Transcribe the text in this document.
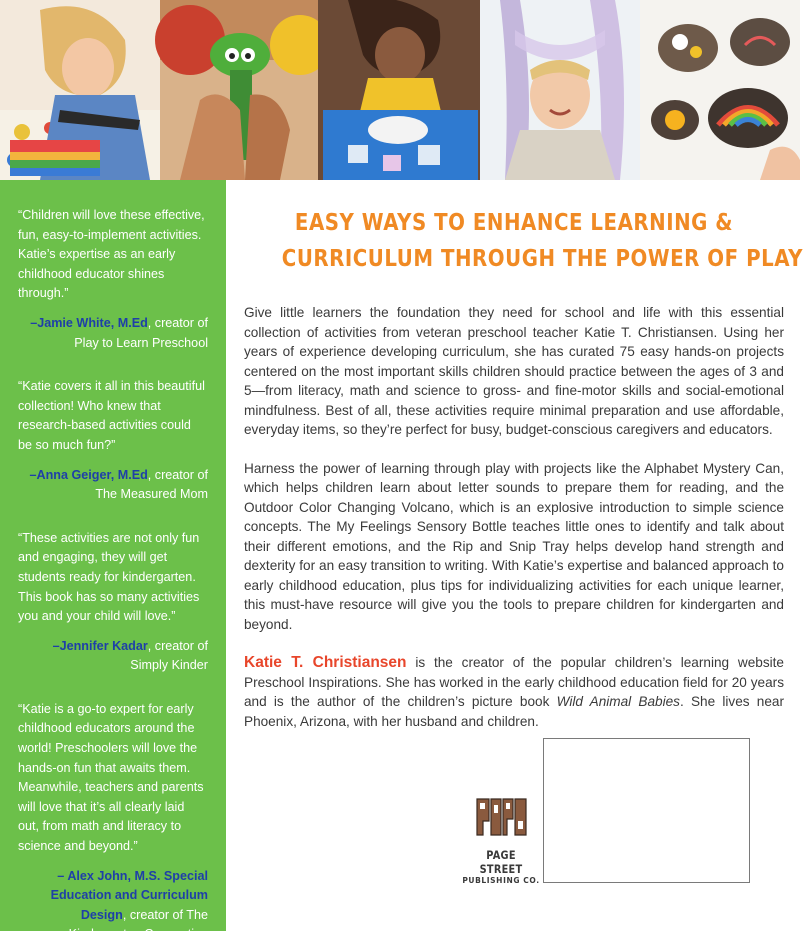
“Children will love these effective, fun, easy-to-implement activities. Katie’s expertise as an early childhood educator shines through.”

–Jamie White, M.Ed, creator of Play to Learn Preschool

“Katie covers it all in this beautiful collection! Who knew that research-based activities could be so much fun?”

–Anna Geiger, M.Ed, creator of The Measured Mom

“These activities are not only fun and engaging, they will get students ready for kindergarten. This book has so many activities you and your child will love.”

–Jennifer Kadar, creator of Simply Kinder

“Katie is a go-to expert for early childhood educators around the world! Preschoolers will love the hands-on fun that awaits them. Meanwhile, teachers and parents will love that it’s all clearly laid out, from math and literacy to science and beyond.”

– Alex John, M.S. Special Education and Curriculum Design, creator of The Kindergarten Connection

EASY WAYS TO ENHANCE LEARNING &
CURRICULUM THROUGH THE POWER OF PLAY

Give little learners the foundation they need for school and life with this essential collection of activities from veteran preschool teacher Katie T. Christiansen. Using her years of experience developing curriculum, she has curated 75 easy hands-on projects centered on the most important skills children should practice between the ages of 3 and 5—from literacy, math and science to gross- and fine-motor skills and social-emotional mindfulness. Best of all, these activities require minimal preparation and use affordable, everyday items, so they’re perfect for busy, budget-conscious caregivers and educators.

Harness the power of learning through play with projects like the Alphabet Mystery Can, which helps children learn about letter sounds to prepare them for reading, and the Outdoor Color Changing Volcano, which is an explosive introduction to simple science concepts. The My Feelings Sensory Bottle teaches little ones to identify and talk about their different emotions, and the Rip and Snip Tray helps develop hand strength and dexterity for an easy transition to writing. With Katie’s expertise and balanced approach to early childhood education, plus tips for individualizing activities for each unique learner, this must-have resource will give you the tools to prepare children for kindergarten and beyond.

Katie T. Christiansen is the creator of the popular children’s learning website Preschool Inspirations. She has worked in the early childhood education field for 20 years and is the author of the children’s picture book Wild Animal Babies. She lives near Phoenix, Arizona, with her husband and children.

PAGE STREET
PUBLISHING CO.
